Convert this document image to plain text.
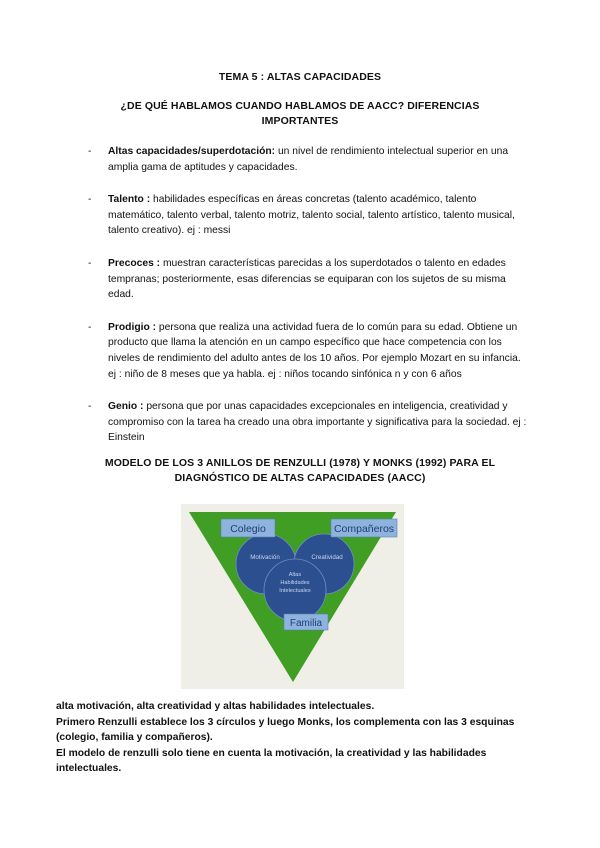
TEMA 5 : ALTAS CAPACIDADES
¿DE QUÉ HABLAMOS CUANDO HABLAMOS DE AACC? DIFERENCIAS IMPORTANTES
- Altas capacidades/superdotación: un nivel de rendimiento intelectual superior en una amplia gama de aptitudes y capacidades.
- Talento : habilidades específicas en áreas concretas (talento académico, talento matemático, talento verbal, talento motriz, talento social, talento artístico, talento musical, talento creativo). ej : messi
- Precoces : muestran características parecidas a los superdotados o talento en edades tempranas; posteriormente, esas diferencias se equiparan con los sujetos de su misma edad.
- Prodigio : persona que realiza una actividad fuera de lo común para su edad. Obtiene un producto que llama la atención en un campo específico que hace competencia con los niveles de rendimiento del adulto antes de los 10 años. Por ejemplo Mozart en su infancia. ej : niño de 8 meses que ya habla. ej : niños tocando sinfónica n y con 6 años
- Genio : persona que por unas capacidades excepcionales en inteligencia, creatividad y compromiso con la tarea ha creado una obra importante y significativa para la sociedad. ej : Einstein
MODELO DE LOS 3 ANILLOS DE RENZULLI (1978) Y MONKS (1992) PARA EL DIAGNÓSTICO DE ALTAS CAPACIDADES (AACC)
Colegio	Compañeros
Familia
Motivación	Creatividad
Altas
Habilidades
Intelectuales

alta motivación, alta creatividad y altas habilidades intelectuales.

Primero Renzulli establece los 3 círculos y luego Monks, los complementa con las 3 esquinas (colegio, familia y compañeros).

El modelo de renzulli solo tiene en cuenta la motivación, la creatividad y las habilidades intelectuales.
